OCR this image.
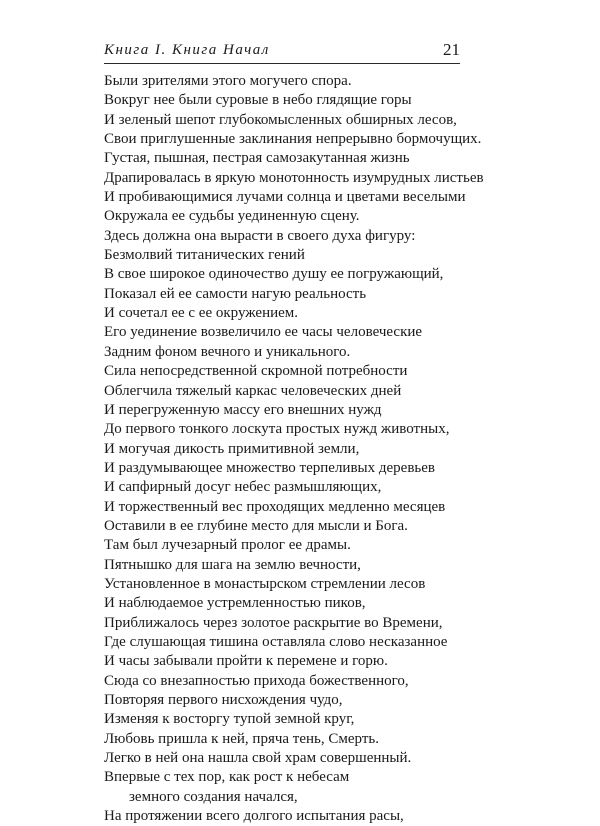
Книга I. Книга Начал	21
Были зрителями этого могучего спора.
Вокруг нее были суровые в небо глядящие горы
И зеленый шепот глубокомысленных обширных лесов,
Свои приглушенные заклинания непрерывно бормочущих.
Густая, пышная, пестрая самозакутанная жизнь
Драпировалась в яркую монотонность изумрудных листьев
И пробивающимися лучами солнца и цветами веселыми
Окружала ее судьбы уединенную сцену.
Здесь должна она вырасти в своего духа фигуру:
Безмолвий титанических гений
В свое широкое одиночество душу ее погружающий,
Показал ей ее самости нагую реальность
И сочетал ее с ее окружением.
Его уединение возвеличило ее часы человеческие
Задним фоном вечного и уникального.
Сила непосредственной скромной потребности
Облегчила тяжелый каркас человеческих дней
И перегруженную массу его внешних нужд
До первого тонкого лоскута простых нужд животных,
И могучая дикость примитивной земли,
И раздумывающее множество терпеливых деревьев
И сапфирный досуг небес размышляющих,
И торжественный вес проходящих медленно месяцев
Оставили в ее глубине место для мысли и Бога.
Там был лучезарный пролог ее драмы.
Пятнышко для шага на землю вечности,
Установленное в монастырском стремлении лесов
И наблюдаемое устремленностью пиков,
Приближалось через золотое раскрытие во Времени,
Где слушающая тишина оставляла слово несказанное
И часы забывали пройти к перемене и горю.
Сюда со внезапностью прихода божественного,
Повторяя первого нисхождения чудо,
Изменяя к восторгу тупой земной круг,
Любовь пришла к ней, пряча тень, Смерть.
Легко в ней она нашла свой храм совершенный.
Впервые с тех пор, как рост к небесам
земного создания начался,
На протяжении всего долгого испытания расы,
